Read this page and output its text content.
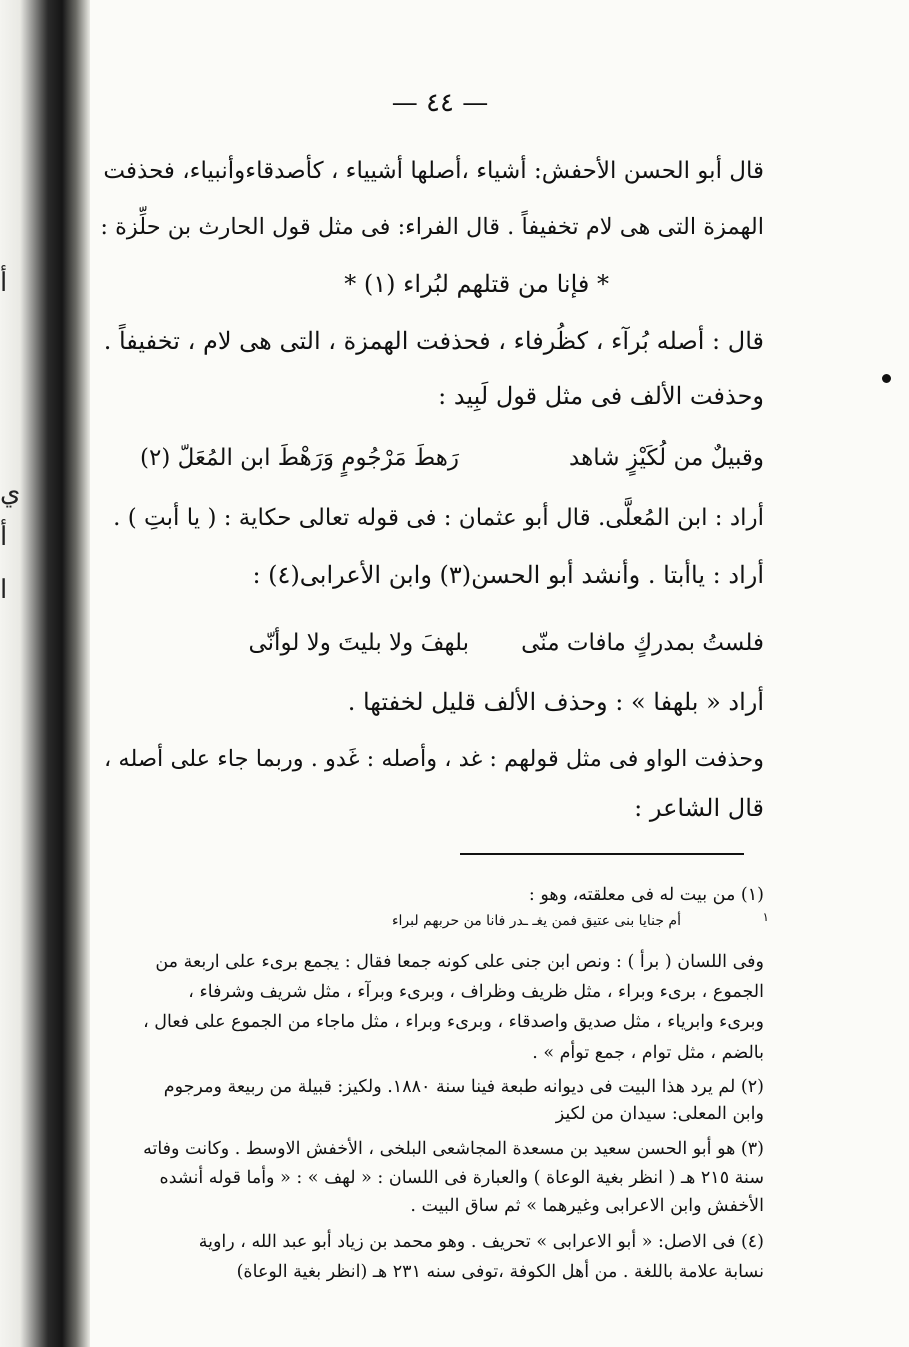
أ
ي
أ
ا
— ٤٤ —
قال أبو الحسن الأحفش: أشياء ،أصلها أشيياء ، كأصدقاءوأنبياء، فحذفت
الهمزة التى هى لام تخفيفاً . قال الفراء: فى مثل قول الحارث بن حلِّزة :
* فإنا من قتلهم لبُراء (١) *
قال : أصله بُرآء ، كظُرفاء ، فحذفت الهمزة ، التى هى لام ، تخفيفاً .
وحذفت الألف فى مثل قول لَبِيد :
وقبيلٌ من لُكَيْزٍ شاهد
رَهطَ مَرْجُومٍ وَرَهْطَ ابن المُعَلّ (٢)
أراد : ابن المُعلَّى. قال أبو عثمان : فى قوله تعالى حكاية : ( يا أبتِ ) .
أراد : ياأبتا . وأنشد أبو الحسن(٣) وابن الأعرابى(٤) :
فلستُ بمدركٍ مافات منّى
بلهفَ ولا بليتَ ولا لوأنّى
أراد « بلهفا » : وحذف الألف قليل لخفتها .
وحذفت الواو فى مثل قولهم : غد ، وأصله : غَدو . وربما جاء على أصله ،
قال الشاعر :
(١) من بيت له فى معلقته، وهو :
١
أم جنايا بنى عتيق فمن يغـ ـدر فانا من حربهم لبراء
وفى اللسان ( برأ ) : ونص ابن جنى على كونه جمعا فقال : يجمع برىء على اربعة من
الجموع ، برىء وبراء ، مثل ظريف وظراف ، وبرىء وبرآء ، مثل شريف وشرفاء ،
وبرىء وابرياء ، مثل صديق واصدقاء ، وبرىء وبراء ، مثل ماجاء من الجموع على فعال ،
بالضم ، مثل توام ، جمع توأم » .
(٢) لم يرد هذا البيت فى ديوانه طبعة فينا سنة ١٨٨٠. ولكيز: قبيلة من ربيعة ومرجوم
وابن المعلى: سيدان من لكيز
(٣) هو أبو الحسن سعيد بن مسعدة المجاشعى البلخى ، الأخفش الاوسط . وكانت وفاته
سنة ٢١٥ هـ ( انظر بغية الوعاة ) والعبارة فى اللسان : « لهف » : « وأما قوله أنشده
الأخفش وابن الاعرابى وغيرهما » ثم ساق البيت .
(٤) فى الاصل: « أبو الاعرابى » تحريف . وهو محمد بن زياد أبو عبد الله ، راوية
نسابة علامة باللغة . من أهل الكوفة ،توفى سنه ٢٣١ هـ (انظر بغية الوعاة)
